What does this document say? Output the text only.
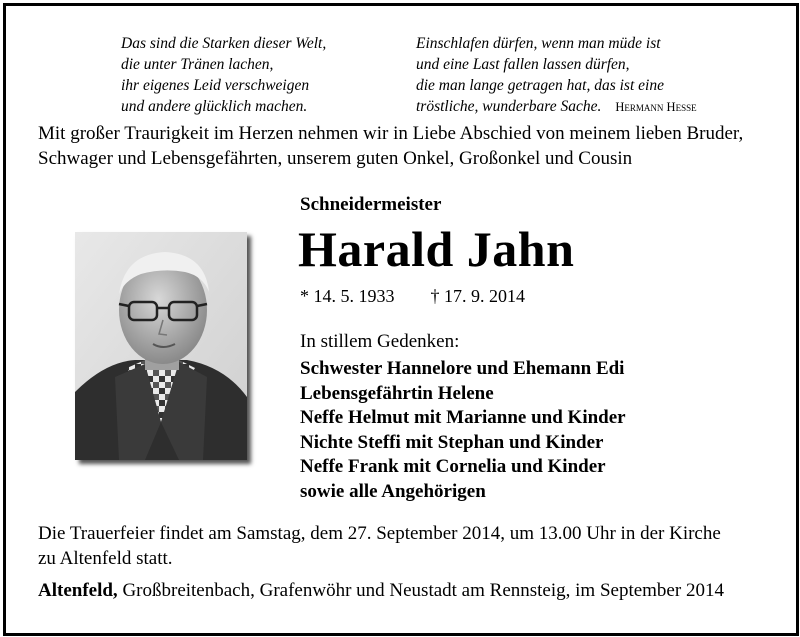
Das sind die Starken dieser Welt,
die unter Tränen lachen,
ihr eigenes Leid verschweigen
und andere glücklich machen.
Einschlafen dürfen, wenn man müde ist
und eine Last fallen lassen dürfen,
die man lange getragen hat, das ist eine
tröstliche, wunderbare Sache. Hermann Hesse
Mit großer Traurigkeit im Herzen nehmen wir in Liebe Abschied von meinem lieben Bruder,
Schwager und Lebensgefährten, unserem guten Onkel, Großonkel und Cousin
Schneidermeister
Harald Jahn
* 14. 5. 1933 † 17. 9. 2014
In stillem Gedenken:
Schwester Hannelore und Ehemann Edi
Lebensgefährtin Helene
Neffe Helmut mit Marianne und Kinder
Nichte Steffi mit Stephan und Kinder
Neffe Frank mit Cornelia und Kinder
sowie alle Angehörigen
Die Trauerfeier findet am Samstag, dem 27. September 2014, um 13.00 Uhr in der Kirche
zu Altenfeld statt.
Altenfeld, Großbreitenbach, Grafenwöhr und Neustadt am Rennsteig, im September 2014
